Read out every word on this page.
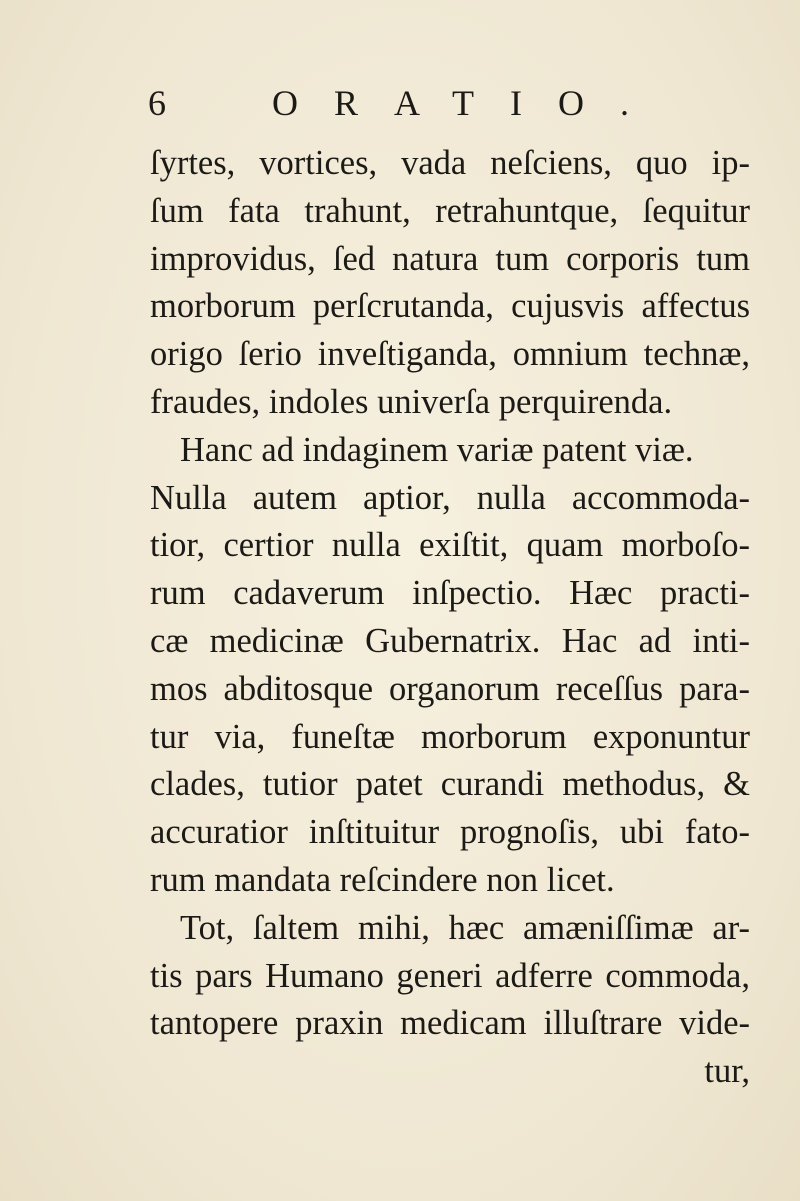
6	ORATIO.
ſyrtes, vortices, vada neſciens, quo ip-
ſum fata trahunt, retrahuntque, ſequitur
improvidus, ſed natura tum corporis tum
morborum perſcrutanda, cujusvis affectus
origo ſerio inveſtiganda, omnium technæ,
fraudes, indoles univerſa perquirenda.
Hanc ad indaginem variæ patent viæ.
Nulla autem aptior, nulla accommoda-
tior, certior nulla exiſtit, quam morboſo-
rum cadaverum inſpectio. Hæc practi-
cæ medicinæ Gubernatrix. Hac ad inti-
mos abditosque organorum receſſus para-
tur via, funeſtæ morborum exponuntur
clades, tutior patet curandi methodus, &
accuratior inſtituitur prognoſis, ubi fato-
rum mandata reſcindere non licet.
Tot, ſaltem mihi, hæc amæniſſimæ ar-
tis pars Humano generi adferre commoda,
tantopere praxin medicam illuſtrare vide-
tur,
